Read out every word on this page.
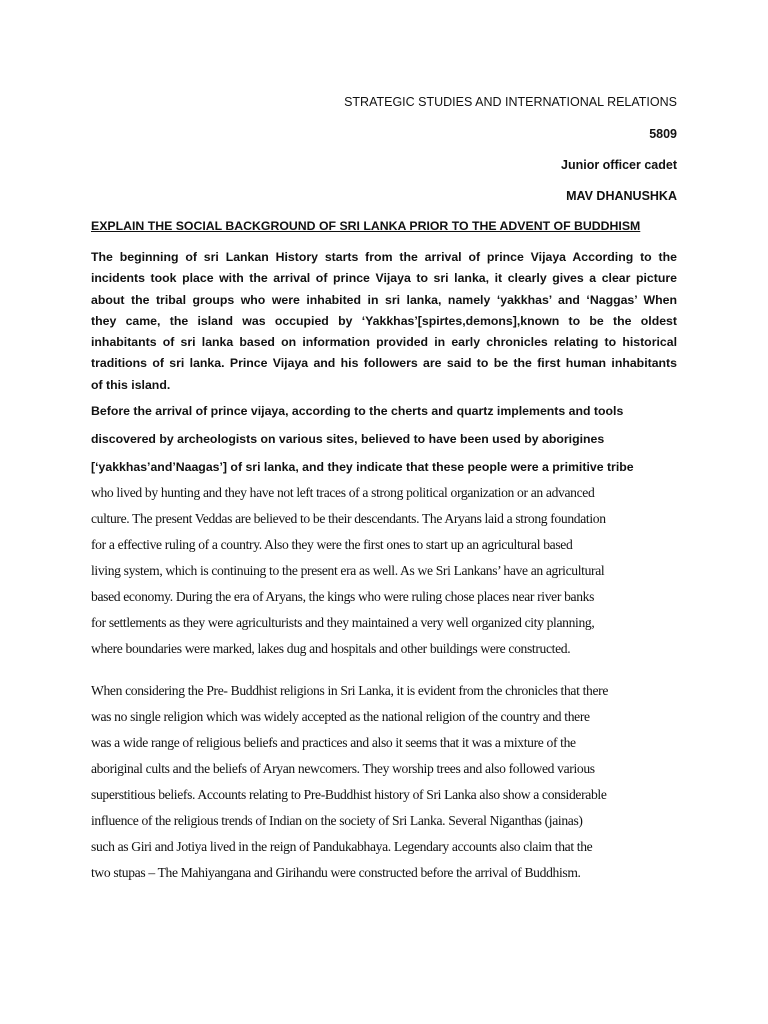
STRATEGIC STUDIES AND INTERNATIONAL RELATIONS
5809
Junior officer cadet
MAV DHANUSHKA
EXPLAIN THE SOCIAL BACKGROUND OF SRI LANKA PRIOR TO THE ADVENT OF BUDDHISM

The beginning of sri Lankan History starts from the arrival of prince Vijaya According to the
incidents took place with the arrival of prince Vijaya to sri lanka, it clearly gives a clear picture
about the tribal groups who were inhabited in sri lanka, namely ‘yakkhas’ and ‘Naggas’ When
they came, the island was occupied by ‘Yakkhas’[spirtes,demons],known to be the oldest
inhabitants of sri lanka based on information provided in early chronicles relating to historical
traditions of sri lanka. Prince Vijaya and his followers are said to be the first human inhabitants
of this island.

Before the arrival of prince vijaya, according to the cherts and quartz implements and tools
discovered by archeologists on various sites, believed to have been used by aborigines
[‘yakkhas’and’Naagas’] of sri lanka, and they indicate that these people were a primitive tribe
who lived by hunting and they have not left traces of a strong political organization or an advanced
culture. The present Veddas are believed to be their descendants. The Aryans laid a strong foundation
for a effective ruling of a country. Also they were the first ones to start up an agricultural based
living system, which is continuing to the present era as well. As we Sri Lankans’ have an agricultural
based economy. During the era of Aryans, the kings who were ruling chose places near river banks
for settlements as they were agriculturists and they maintained a very well organized city planning,
where boundaries were marked, lakes dug and hospitals and other buildings were constructed.
When considering the Pre- Buddhist religions in Sri Lanka, it is evident from the chronicles that there
was no single religion which was widely accepted as the national religion of the country and there
was a wide range of religious beliefs and practices and also it seems that it was a mixture of the
aboriginal cults and the beliefs of Aryan newcomers. They worship trees and also followed various
superstitious beliefs. Accounts relating to Pre-Buddhist history of Sri Lanka also show a considerable
influence of the religious trends of Indian on the society of Sri Lanka. Several Niganthas (jainas)
such as Giri and Jotiya lived in the reign of Pandukabhaya. Legendary accounts also claim that the
two stupas – The Mahiyangana and Girihandu were constructed before the arrival of Buddhism.
